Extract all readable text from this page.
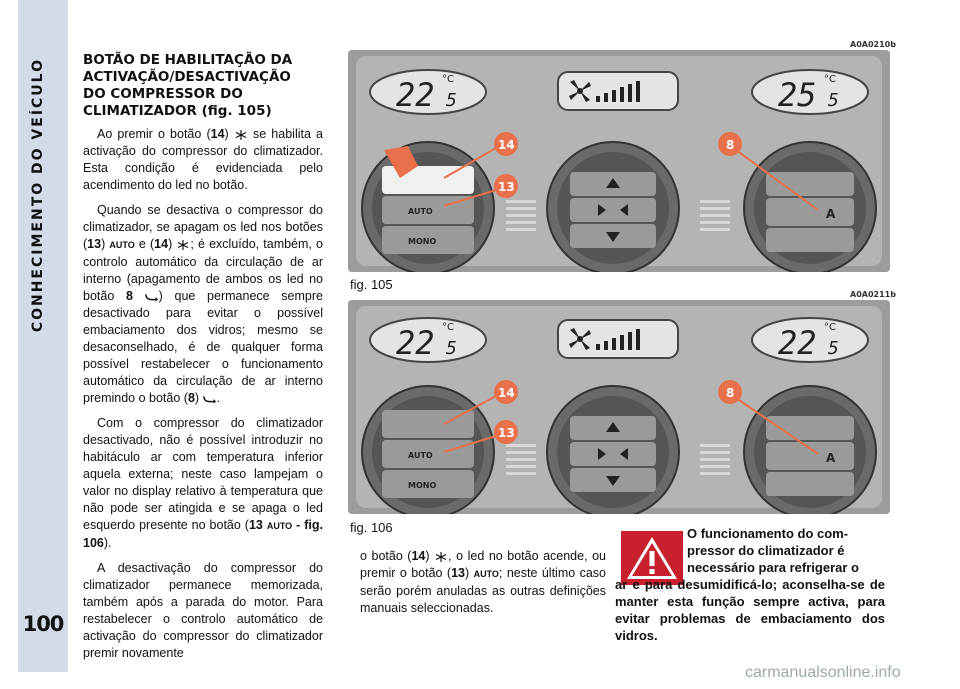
CONHECIMENTO DO VEÍCULO
100
BOTÃO DE HABILITAÇÃO DA
ACTIVAÇÃO/DESACTIVAÇÃO
DO COMPRESSOR DO
CLIMATIZADOR (fig. 105)

Ao premir o botão (14)  se habilita a activação do compressor do climatizador. Esta condição é evidenciada pelo acendimento do led no botão.

Quando se desactiva o compressor do climatizador, se apagam os led nos botões (13) AUTO e (14) ; é excluído, também, o controlo automático da circulação de ar interno (apagamento de ambos os led no botão 8 ) que permanece sempre desactivado para evitar o possível embaciamento dos vidros; mesmo se desaconselhado, é de qualquer forma possível restabelecer o funcionamento automático da circulação de ar interno premindo o botão (8) .

Com o compressor do climatizador desactivado, não é possível introduzir no habitáculo ar com temperatura inferior aquela externa; neste caso lampejam o valor no display relativo à temperatura que não pode ser atingida e se apaga o led esquerdo presente no botão (13 AUTO - fig. 106).

A desactivação do compressor do climatizador permanece memorizada, também após a parada do motor. Para restabelecer o controlo automático de activação do compressor do climatizador premir novamente

A0A0210b
22 5
°C	25 5
°C
AUTO
MONO
A
14
13
8
fig. 105
A0A0211b
22 5
°C	22 5
°C
AUTO
MONO
A
14
13
8
fig. 106

o botão (14) , o led no botão acende, ou premir o botão (13) AUTO; neste último caso serão porém anuladas as outras definições manuais seleccionadas.

O funcionamento do com-
pressor do climatizador é
necessário para refrigerar o
ar e para desumidificá-lo; aconselha-se de manter esta função sempre activa, para evitar problemas de embaciamento dos vidros.
carmanualsonline.info
